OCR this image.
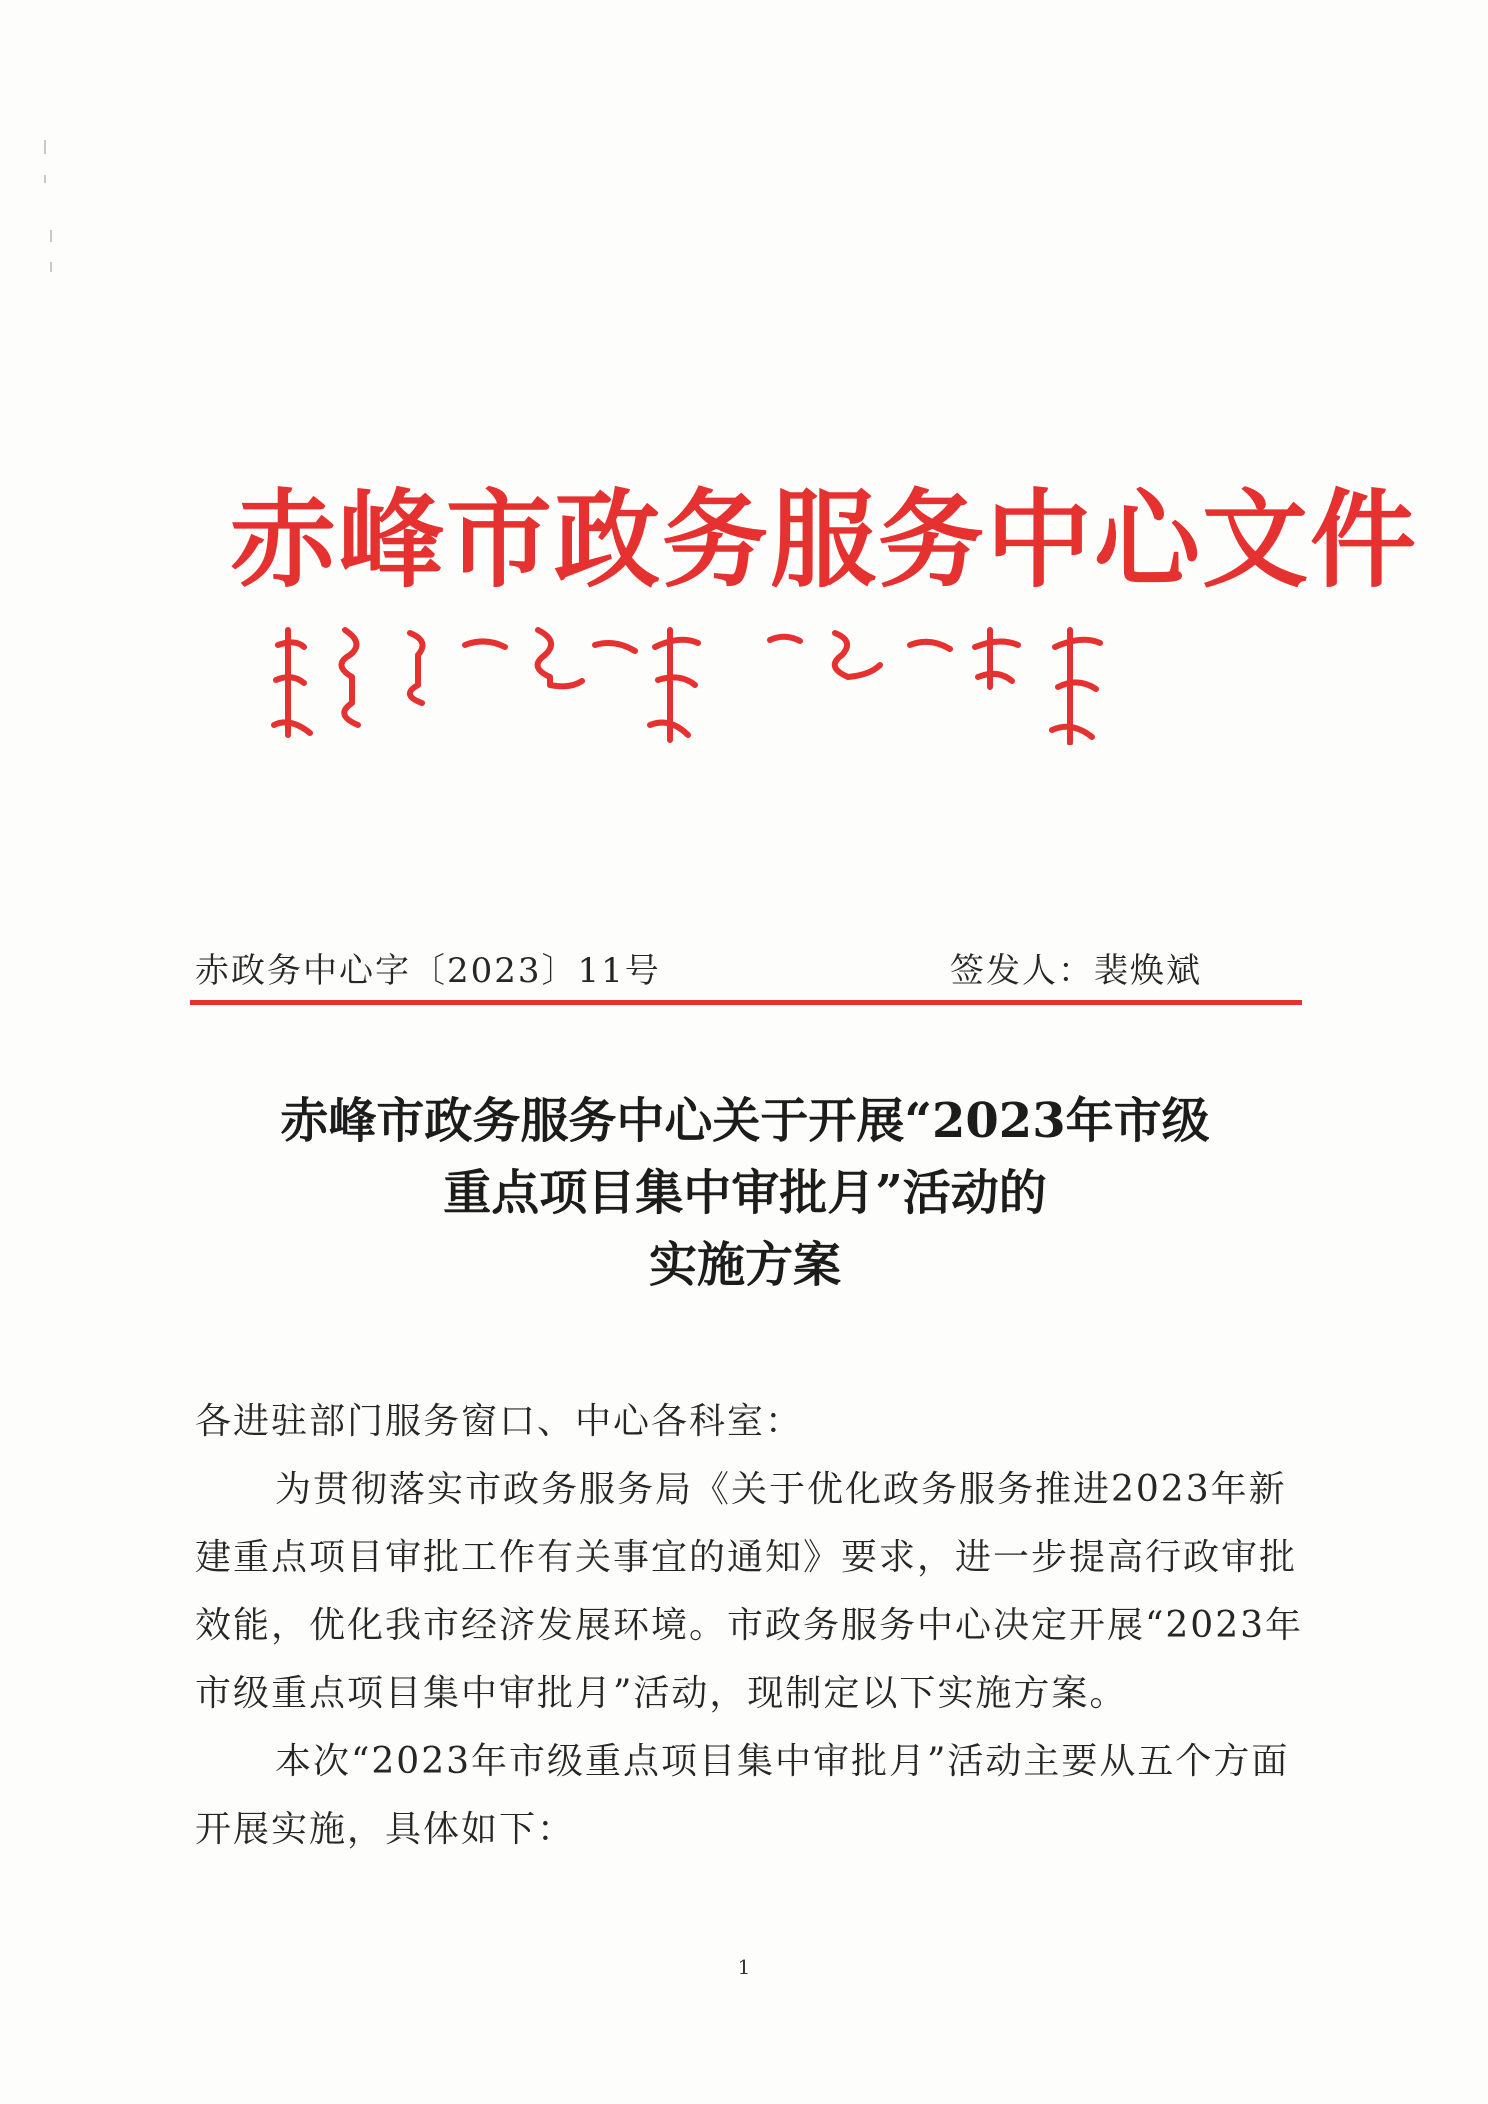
赤峰市政务服务中心文件
赤政务中心字〔2023〕11号	签发人：裴焕斌
赤峰市政务服务中心关于开展“2023年市级
重点项目集中审批月”活动的
实施方案

各进驻部门服务窗口、中心各科室：

为贯彻落实市政务服务局《关于优化政务服务推进2023年新建重点项目审批工作有关事宜的通知》要求，进一步提高行政审批效能，优化我市经济发展环境。市政务服务中心决定开展“2023年市级重点项目集中审批月”活动，现制定以下实施方案。

本次“2023年市级重点项目集中审批月”活动主要从五个方面开展实施，具体如下：

1
